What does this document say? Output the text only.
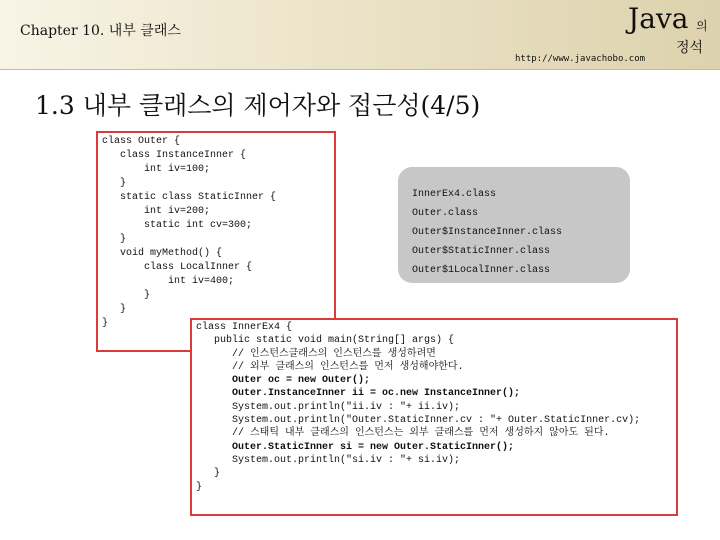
Chapter 10. 내부 클래스	Java 의
정석
http://www.javachobo.com
1.3 내부 클래스의 제어자와 접근성(4/5)
class Outer {
class InstanceInner {
int iv=100;
}
static class StaticInner {
int iv=200;
static int cv=300;
}
void myMethod() {
class LocalInner {
int iv=400;
}
}
}
InnerEx4.class
Outer.class
Outer$InstanceInner.class
Outer$StaticInner.class
Outer$1LocalInner.class
class InnerEx4 {
public static void main(String[] args) {
// 인스턴스클래스의 인스턴스를 생성하려면
// 외부 클래스의 인스턴스를 먼저 생성해야한다.
Outer oc = new Outer();
Outer.InstanceInner ii = oc.new InstanceInner();
System.out.println("ii.iv : "+ ii.iv);
System.out.println("Outer.StaticInner.cv : "+ Outer.StaticInner.cv);
// 스태틱 내부 클래스의 인스턴스는 외부 클래스를 먼저 생성하지 않아도 된다.
Outer.StaticInner si = new Outer.StaticInner();
System.out.println("si.iv : "+ si.iv);
}
}
